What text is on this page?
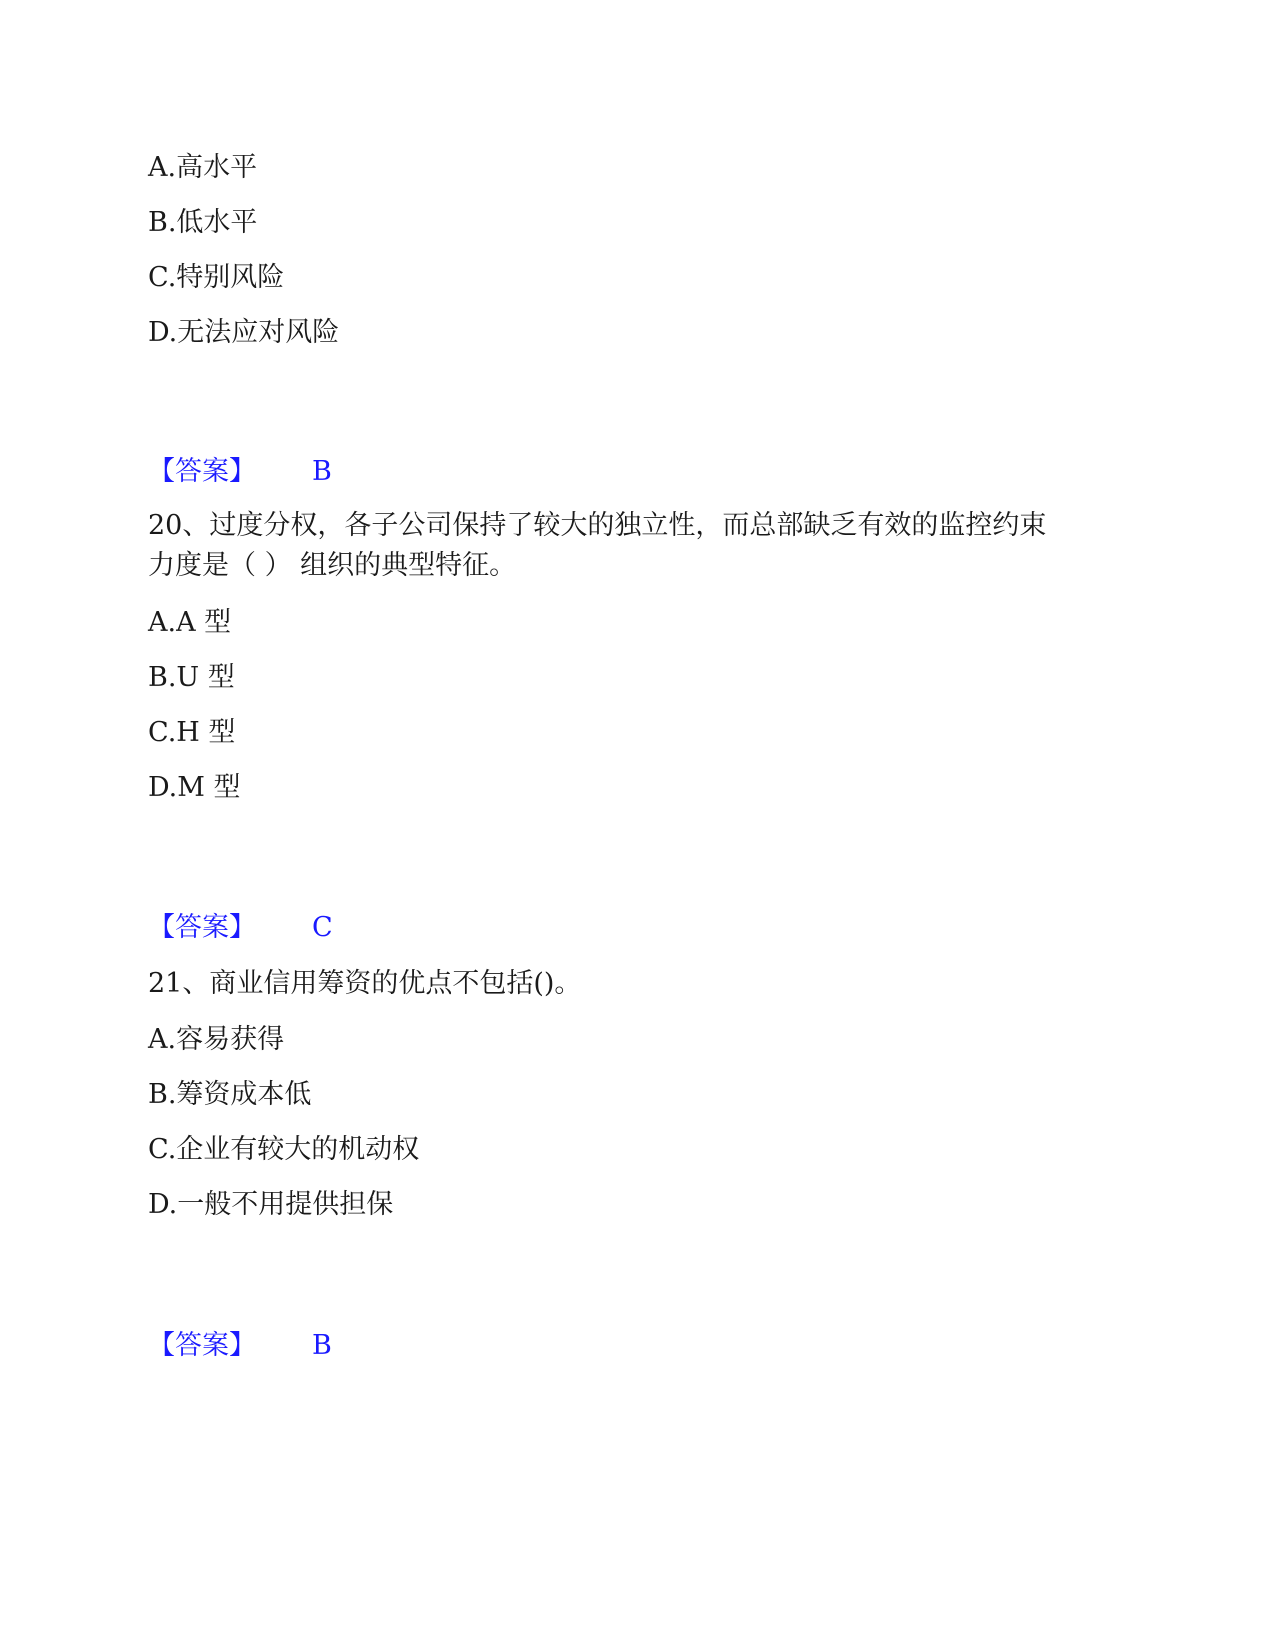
A.高水平
B.低水平
C.特别风险
D.无法应对风险
【答案】 B
20、过度分权，各子公司保持了较大的独立性，而总部缺乏有效的监控约束
力度是（ ） 组织的典型特征。
A.A 型
B.U 型
C.H 型
D.M 型
【答案】 C
21、商业信用筹资的优点不包括()。
A.容易获得
B.筹资成本低
C.企业有较大的机动权
D.一般不用提供担保
【答案】 B
